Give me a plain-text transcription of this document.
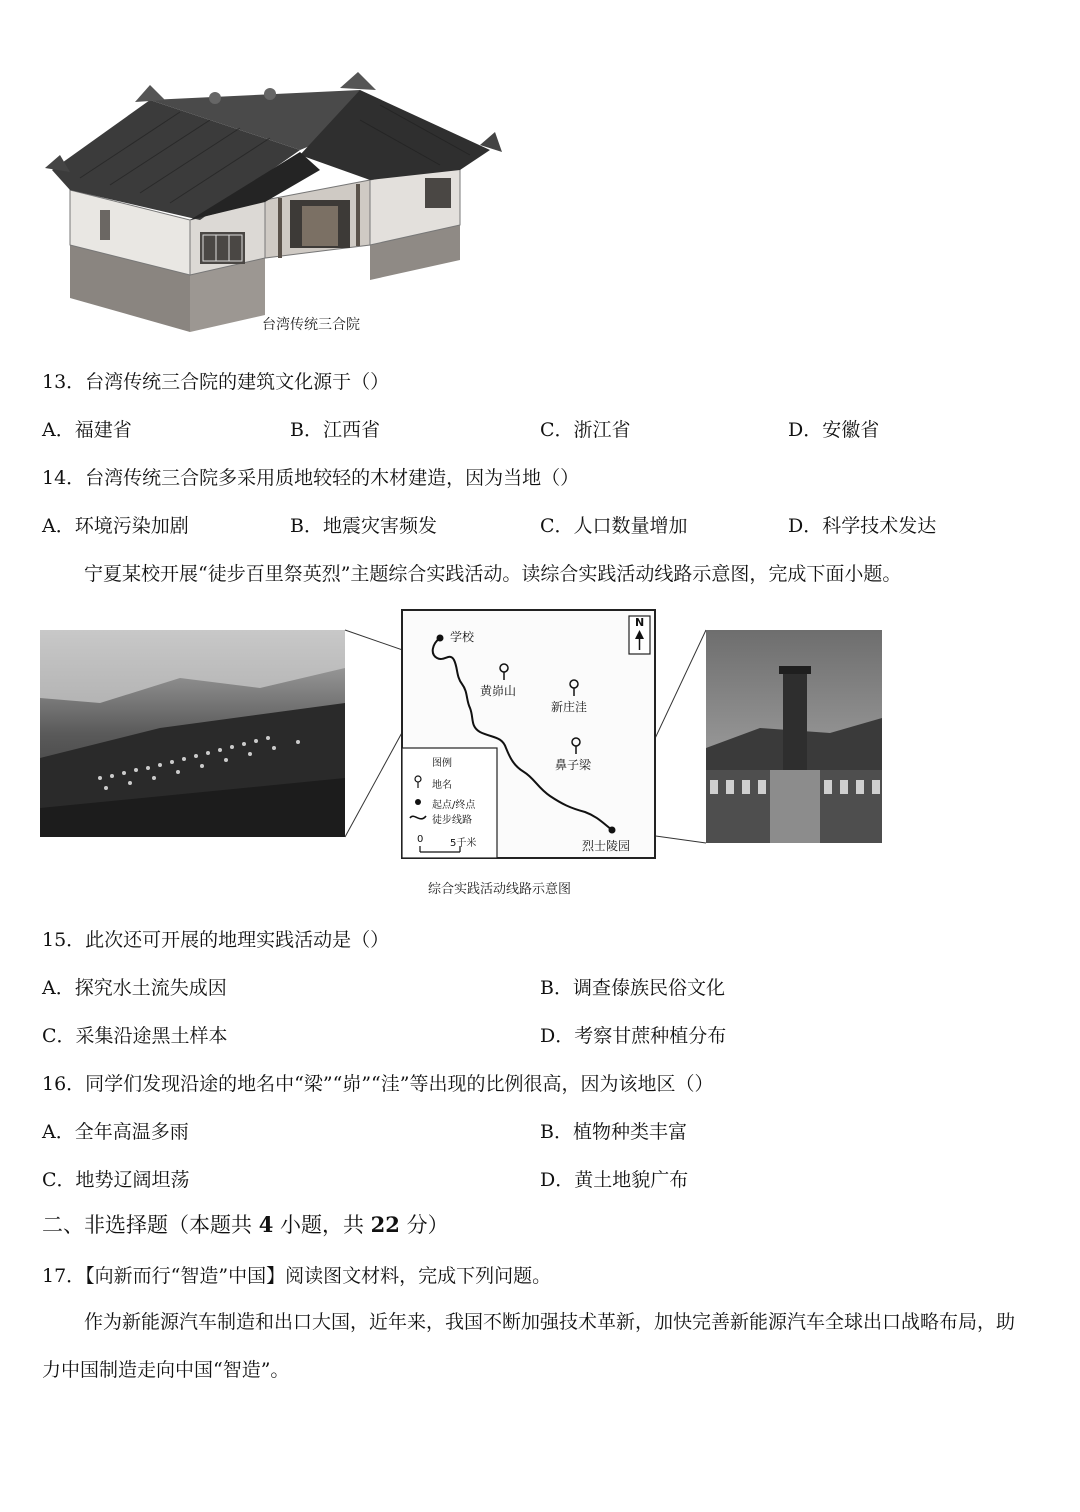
台湾传统三合院
13．台湾传统三合院的建筑文化源于（）
A．福建省	B．江西省	C．浙江省	D．安徽省
14．台湾传统三合院多采用质地较轻的木材建造，因为当地（）
A．环境污染加剧	B．地震灾害频发	C．人口数量增加	D．科学技术发达
宁夏某校开展“徒步百里祭英烈”主题综合实践活动。读综合实践活动线路示意图，完成下面小题。
N
学校
黄峁山
新庄洼
鼻子梁
烈士陵园
图例
地名
起点/终点
徒步线路
0	5千米
综合实践活动线路示意图
15．此次还可开展的地理实践活动是（）
A．探究水土流失成因	B．调查傣族民俗文化
C．采集沿途黑土样本	D．考察甘蔗种植分布
16．同学们发现沿途的地名中“梁”“峁”“洼”等出现的比例很高，因为该地区（）
A．全年高温多雨	B．植物种类丰富
C．地势辽阔坦荡	D．黄土地貌广布
二、非选择题（本题共 4 小题，共 22 分）
17．【向新而行“智造”中国】阅读图文材料，完成下列问题。
作为新能源汽车制造和出口大国，近年来，我国不断加强技术革新，加快完善新能源汽车全球出口战略布局，助力中国制造走向中国“智造”。
